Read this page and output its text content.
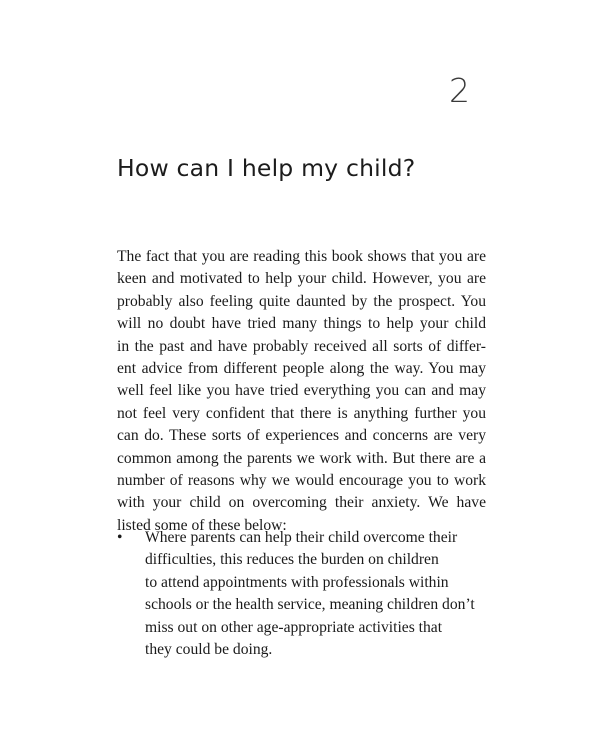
2
How can I help my child?

The fact that you are reading this book shows that you are
keen and motivated to help your child. However, you are
probably also feeling quite daunted by the prospect. You
will no doubt have tried many things to help your child
in the past and have probably received all sorts of differ-
ent advice from different people along the way. You may
well feel like you have tried everything you can and may
not feel very confident that there is anything further you
can do. These sorts of experiences and concerns are very
common among the parents we work with. But there are a
number of reasons why we would encourage you to work
with your child on overcoming their anxiety. We have
listed some of these below:

• Where parents can help their child overcome their
difficulties, this reduces the burden on children
to attend appointments with professionals within
schools or the health service, meaning children don’t
miss out on other age-appropriate activities that
they could be doing.
